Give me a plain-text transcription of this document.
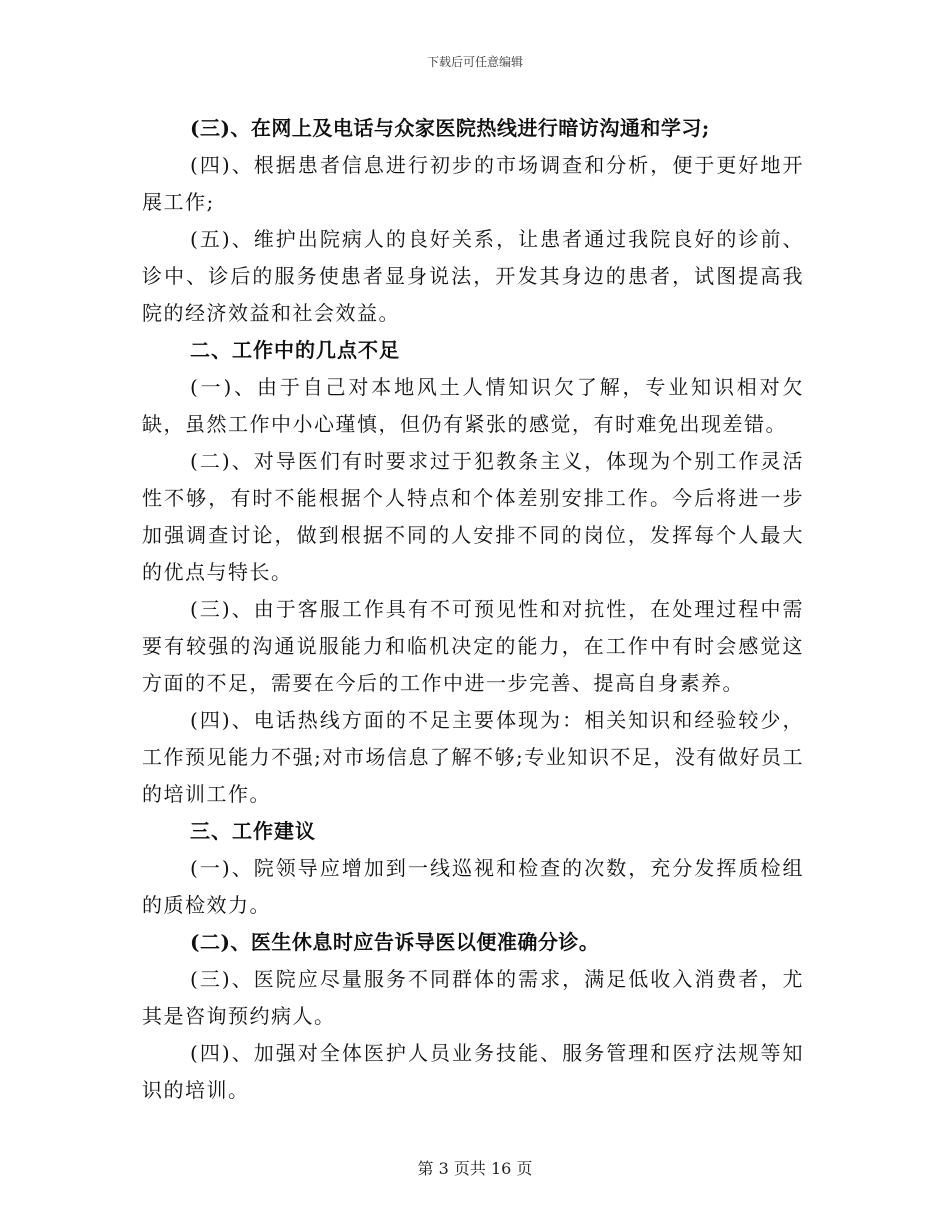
下载后可任意编辑

(三)、在网上及电话与众家医院热线进行暗访沟通和学习;

(四)、根据患者信息进行初步的市场调查和分析，便于更好地开展工作;

(五)、维护出院病人的良好关系，让患者通过我院良好的诊前、诊中、诊后的服务使患者显身说法，开发其身边的患者，试图提高我院的经济效益和社会效益。

二、工作中的几点不足

(一)、由于自己对本地风土人情知识欠了解，专业知识相对欠缺，虽然工作中小心瑾慎，但仍有紧张的感觉，有时难免出现差错。

(二)、对导医们有时要求过于犯教条主义，体现为个别工作灵活性不够，有时不能根据个人特点和个体差别安排工作。今后将进一步加强调查讨论，做到根据不同的人安排不同的岗位，发挥每个人最大的优点与特长。

(三)、由于客服工作具有不可预见性和对抗性，在处理过程中需要有较强的沟通说服能力和临机决定的能力，在工作中有时会感觉这方面的不足，需要在今后的工作中进一步完善、提高自身素养。

(四)、电话热线方面的不足主要体现为：相关知识和经验较少，工作预见能力不强;对市场信息了解不够;专业知识不足，没有做好员工的培训工作。

三、工作建议

(一)、院领导应增加到一线巡视和检查的次数，充分发挥质检组的质检效力。

(二)、医生休息时应告诉导医以便准确分诊。

(三)、医院应尽量服务不同群体的需求，满足低收入消费者，尤其是咨询预约病人。

(四)、加强对全体医护人员业务技能、服务管理和医疗法规等知识的培训。

第 3 页共 16 页
